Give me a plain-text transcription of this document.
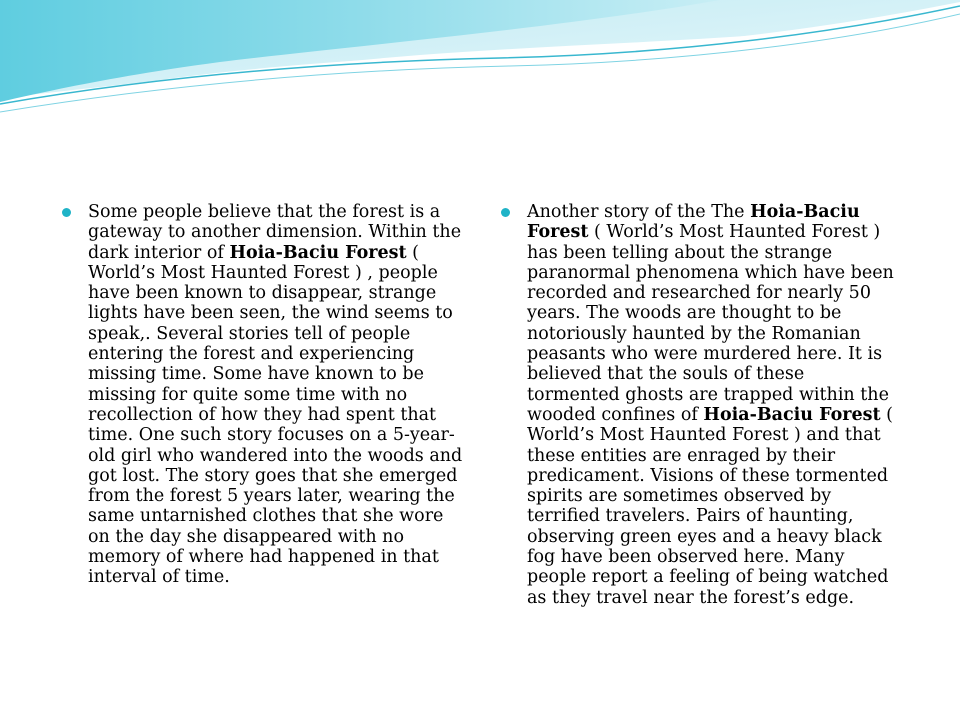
Some people believe that the forest is a gateway to another dimension. Within the dark interior of Hoia-Baciu Forest ( World’s Most Haunted Forest ) , people have been known to disappear, strange lights have been seen, the wind seems to speak,. Several stories tell of people entering the forest and experiencing missing time. Some have known to be missing for quite some time with no recollection of how they had spent that time. One such story focuses on a 5-year-old girl who wandered into the woods and got lost. The story goes that she emerged from the forest 5 years later, wearing the same untarnished clothes that she wore on the day she disappeared with no memory of where had happened in that interval of time.
Another story of the The Hoia-Baciu Forest ( World’s Most Haunted Forest ) has been telling about the strange paranormal phenomena which have been recorded and researched for nearly 50 years. The woods are thought to be notoriously haunted by the Romanian peasants who were murdered here. It is believed that the souls of these tormented ghosts are trapped within the wooded confines of Hoia-Baciu Forest ( World’s Most Haunted Forest ) and that these entities are enraged by their predicament. Visions of these tormented spirits are sometimes observed by terrified travelers. Pairs of haunting, observing green eyes and a heavy black fog have been observed here. Many people report a feeling of being watched as they travel near the forest’s edge.
